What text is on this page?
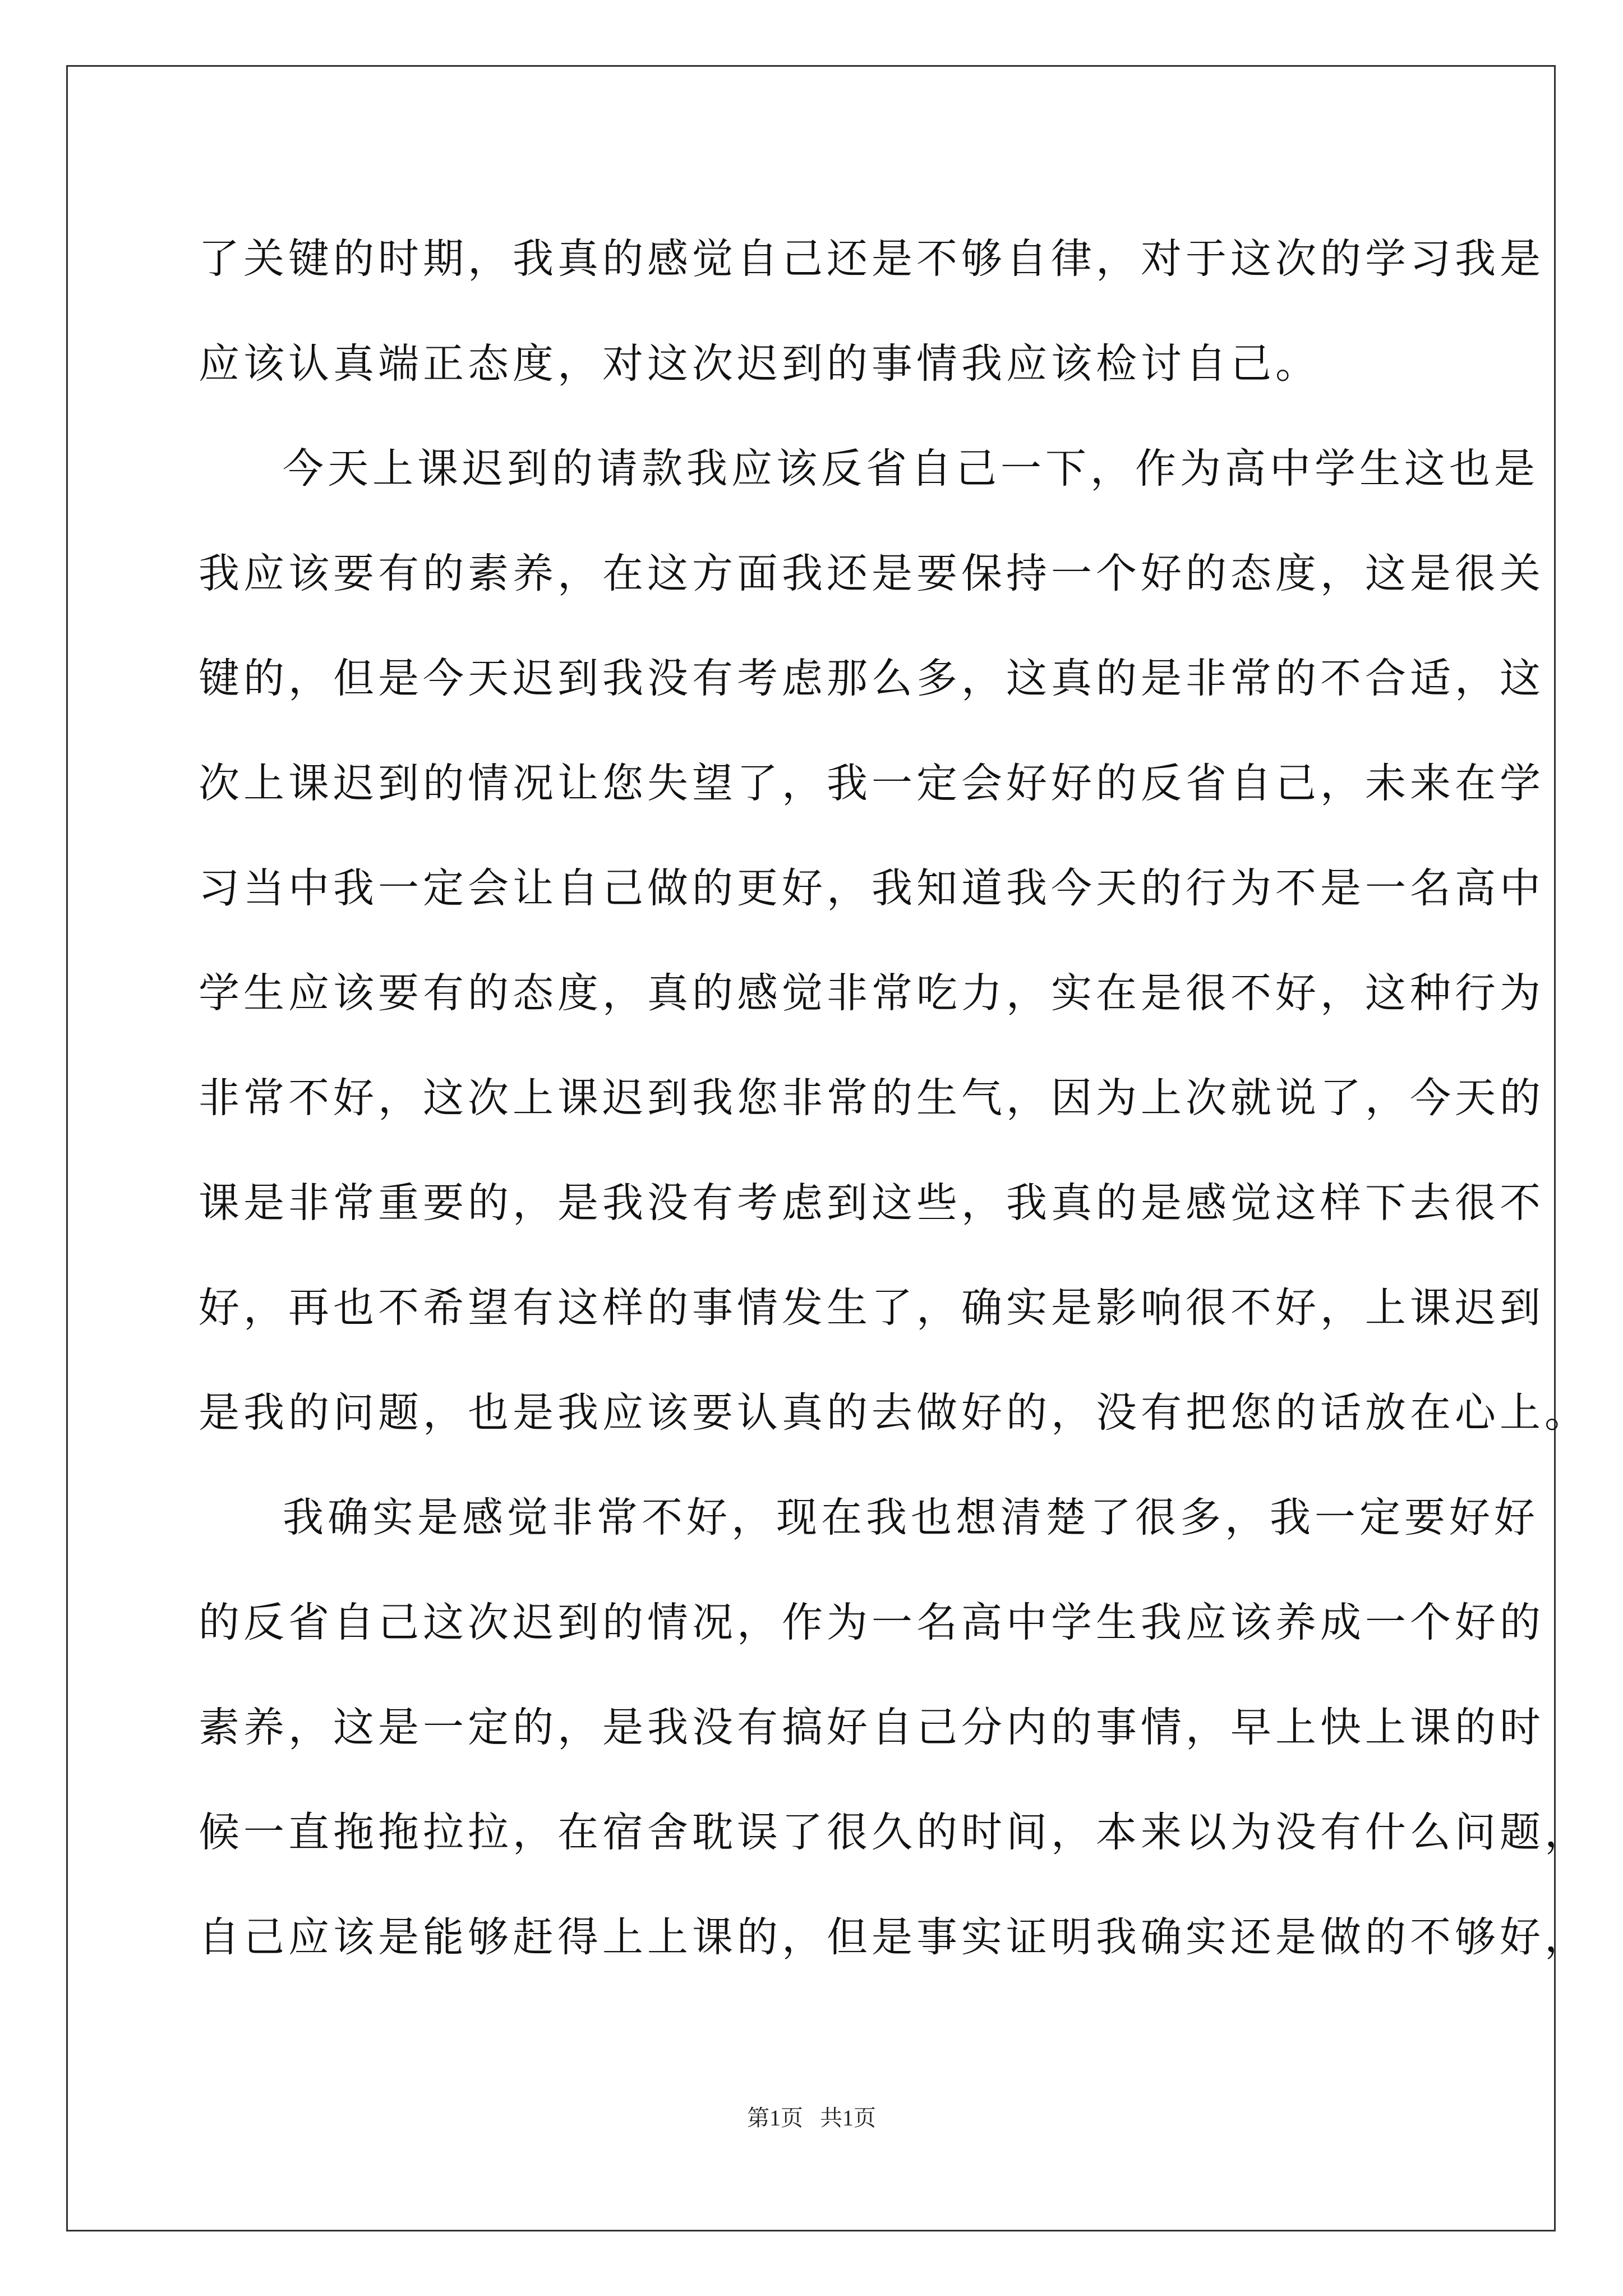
了关键的时期，我真的感觉自己还是不够自律，对于这次的学习我是
应该认真端正态度，对这次迟到的事情我应该检讨自己。
今天上课迟到的请款我应该反省自己一下，作为高中学生这也是
我应该要有的素养，在这方面我还是要保持一个好的态度，这是很关
键的，但是今天迟到我没有考虑那么多，这真的是非常的不合适，这
次上课迟到的情况让您失望了，我一定会好好的反省自己，未来在学
习当中我一定会让自己做的更好，我知道我今天的行为不是一名高中
学生应该要有的态度，真的感觉非常吃力，实在是很不好，这种行为
非常不好，这次上课迟到我您非常的生气，因为上次就说了，今天的
课是非常重要的，是我没有考虑到这些，我真的是感觉这样下去很不
好，再也不希望有这样的事情发生了，确实是影响很不好，上课迟到
是我的问题，也是我应该要认真的去做好的，没有把您的话放在心上。
我确实是感觉非常不好，现在我也想清楚了很多，我一定要好好
的反省自己这次迟到的情况，作为一名高中学生我应该养成一个好的
素养，这是一定的，是我没有搞好自己分内的事情，早上快上课的时
候一直拖拖拉拉，在宿舍耽误了很久的时间，本来以为没有什么问题，
自己应该是能够赶得上上课的，但是事实证明我确实还是做的不够好，
第1页 共1页
